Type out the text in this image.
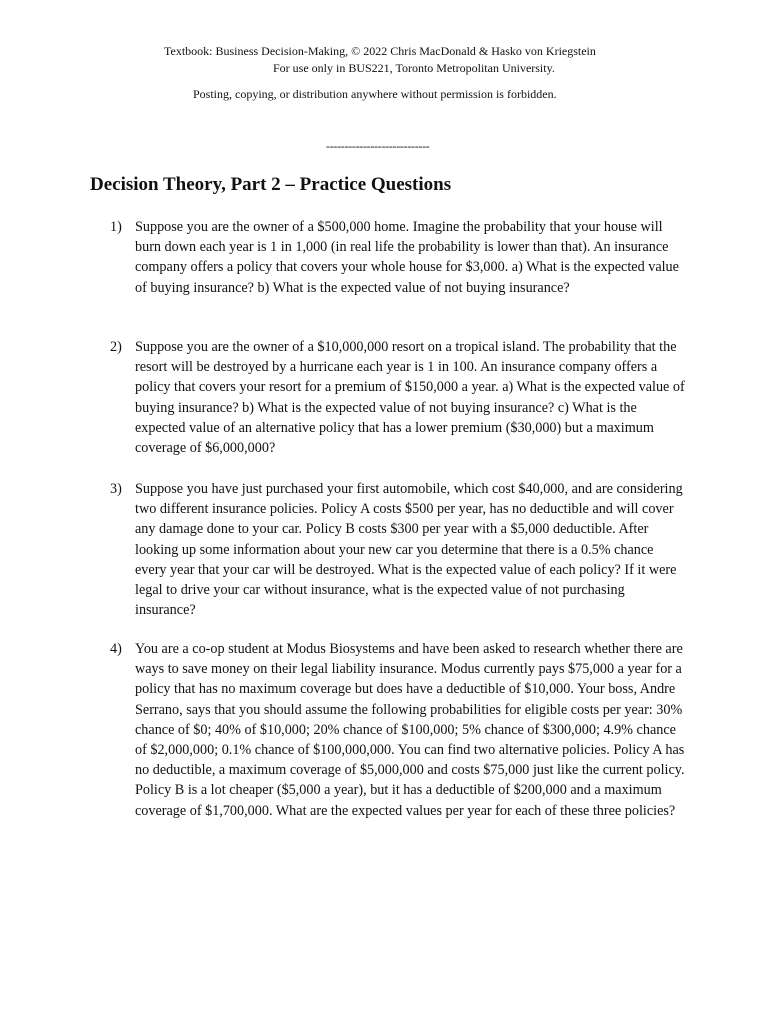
Textbook: Business Decision-Making, © 2022 Chris MacDonald & Hasko von Kriegstein
For use only in BUS221, Toronto Metropolitan University.
Posting, copying, or distribution anywhere without permission is forbidden.
----------------------------
Decision Theory, Part 2 – Practice Questions
1) Suppose you are the owner of a $500,000 home. Imagine the probability that your house will burn down each year is 1 in 1,000 (in real life the probability is lower than that). An insurance company offers a policy that covers your whole house for $3,000. a) What is the expected value of buying insurance? b) What is the expected value of not buying insurance?
2) Suppose you are the owner of a $10,000,000 resort on a tropical island. The probability that the resort will be destroyed by a hurricane each year is 1 in 100. An insurance company offers a policy that covers your resort for a premium of $150,000 a year. a) What is the expected value of buying insurance? b) What is the expected value of not buying insurance? c) What is the expected value of an alternative policy that has a lower premium ($30,000) but a maximum coverage of $6,000,000?
3) Suppose you have just purchased your first automobile, which cost $40,000, and are considering two different insurance policies. Policy A costs $500 per year, has no deductible and will cover any damage done to your car. Policy B costs $300 per year with a $5,000 deductible. After looking up some information about your new car you determine that there is a 0.5% chance every year that your car will be destroyed. What is the expected value of each policy? If it were legal to drive your car without insurance, what is the expected value of not purchasing insurance?
4) You are a co-op student at Modus Biosystems and have been asked to research whether there are ways to save money on their legal liability insurance. Modus currently pays $75,000 a year for a policy that has no maximum coverage but does have a deductible of $10,000. Your boss, Andre Serrano, says that you should assume the following probabilities for eligible costs per year: 30% chance of $0; 40% of $10,000; 20% chance of $100,000; 5% chance of $300,000; 4.9% chance of $2,000,000; 0.1% chance of $100,000,000. You can find two alternative policies. Policy A has no deductible, a maximum coverage of $5,000,000 and costs $75,000 just like the current policy. Policy B is a lot cheaper ($5,000 a year), but it has a deductible of $200,000 and a maximum coverage of $1,700,000. What are the expected values per year for each of these three policies?
